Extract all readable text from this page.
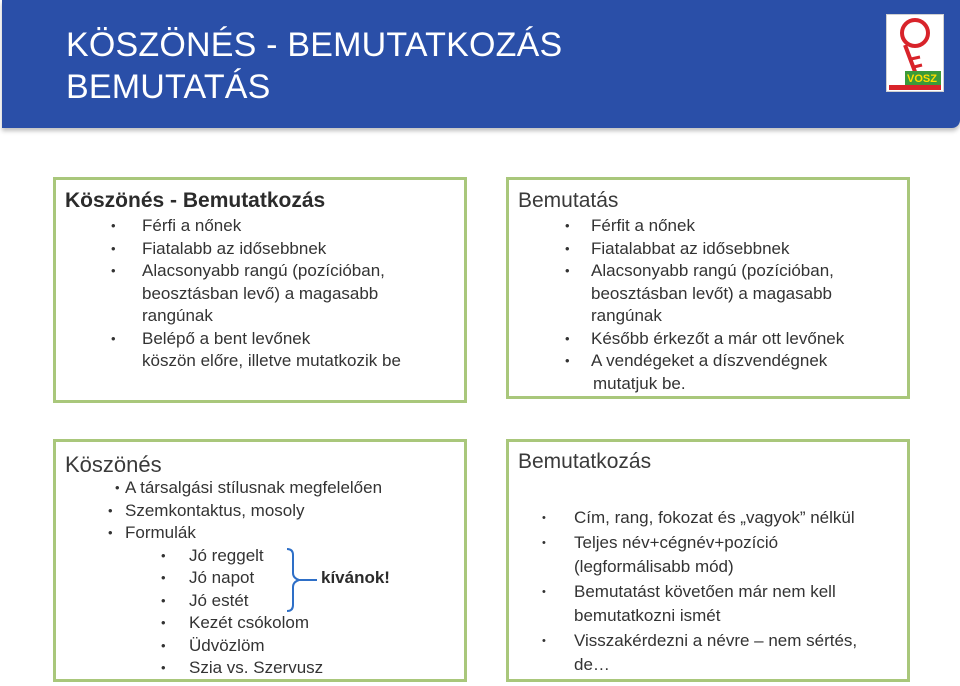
KÖSZÖNÉS - BEMUTATKOZÁS
BEMUTATÁS	VOSZ
Köszönés - Bemutatkozás
• Férfi a nőnek
• Fiatalabb az idősebbnek
• Alacsonyabb rangú (pozícióban,
beosztásban levő) a magasabb
rangúnak
• Belépő a bent levőnek
köszön előre, illetve mutatkozik be
Bemutatás
• Férfit a nőnek
• Fiatalabbat az idősebbnek
• Alacsonyabb rangú (pozícióban,
beosztásban levőt) a magasabb
rangúnak
• Később érkezőt a már ott levőnek
• A vendégeket a díszvendégnek
mutatjuk be.
Köszönés
• A társalgási stílusnak megfelelően
• Szemkontaktus, mosoly
• Formulák
• Jó reggelt
• Jó napot
• Jó estét
• Kezét csókolom
• Üdvözlöm
• Szia vs. Szervusz
kívánok!
Bemutatkozás
• Cím, rang, fokozat és „vagyok” nélkül
• Teljes név+cégnév+pozíció
(legformálisabb mód)
• Bemutatást követően már nem kell
bemutatkozni ismét
• Visszakérdezni a névre – nem sértés,
de…
